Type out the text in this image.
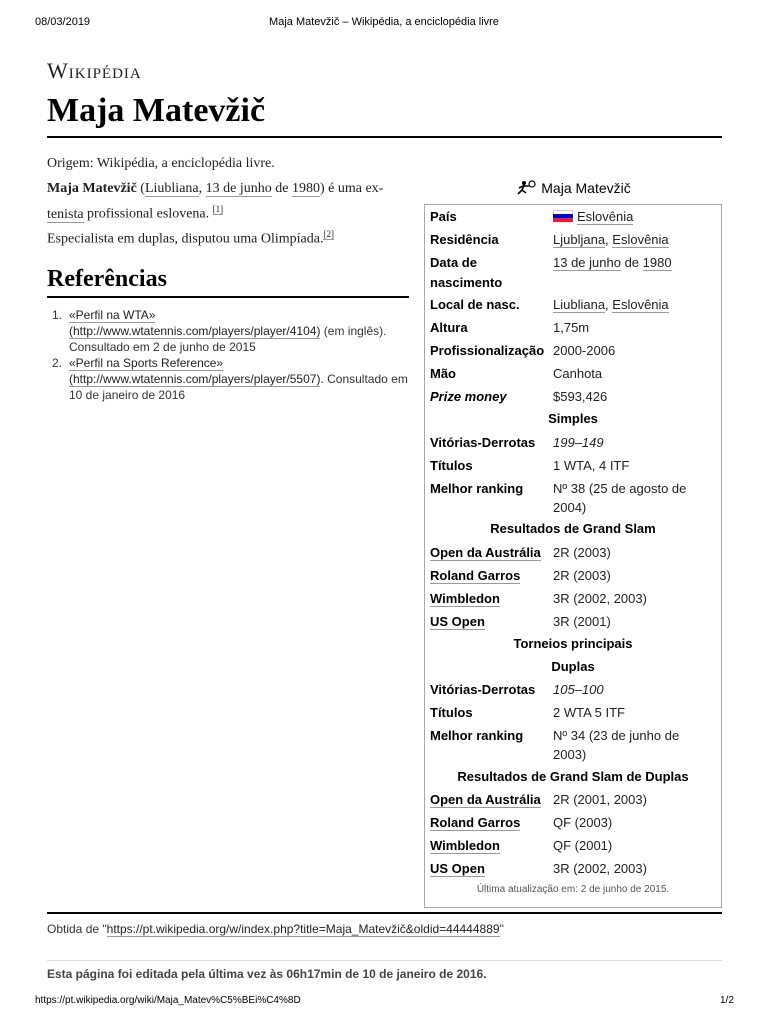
08/03/2019	Maja Matevžič – Wikipédia, a enciclopédia livre
Wikipédia
Maja Matevžič
Origem: Wikipédia, a enciclopédia livre.
Maja Matevžič (Liubliana, 13 de junho de 1980) é uma ex- tenista profissional eslovena. [1]
Especialista em duplas, disputou uma Olimpíada.[2]
Referências
1. «Perfil na WTA» (http://www.wtatennis.com/players/player/4104) (em inglês). Consultado em 2 de junho de 2015
2. «Perfil na Sports Reference» (http://www.wtatennis.com/players/player/5507). Consultado em 10 de janeiro de 2016
Maja Matevžič
País	Eslovênia
Residência	Ljubljana, Eslovênia
Data de nascimento
13 de junho de 1980
Local de nasc.	Liubliana, Eslovênia
Altura	1,75m
Profissionalização 2000-2006
Mão	Canhota
Prize money	$593,426
Simples
Vitórias-Derrotas 199–149
Títulos	1 WTA, 4 ITF
Melhor ranking Nº 38 (25 de agosto de 2004)
Resultados de Grand Slam
Open da Austrália 2R (2003)
Roland Garros	2R (2003)
Wimbledon	3R (2002, 2003)
US Open	3R (2001)
Torneios principais
Duplas
Vitórias-Derrotas 105–100
Títulos	2 WTA 5 ITF
Melhor ranking Nº 34 (23 de junho de 2003)
Resultados de Grand Slam de Duplas
Open da Austrália 2R (2001, 2003)
Roland Garros	QF (2003)
Wimbledon	QF (2001)
US Open	3R (2002, 2003)
Última atualização em: 2 de junho de 2015.
Obtida de "https://pt.wikipedia.org/w/index.php?title=Maja_Matevžič&oldid=44444889"
Esta página foi editada pela última vez às 06h17min de 10 de janeiro de 2016.
https://pt.wikipedia.org/wiki/Maja_Matev%C5%BEi%C4%8D	1/2
